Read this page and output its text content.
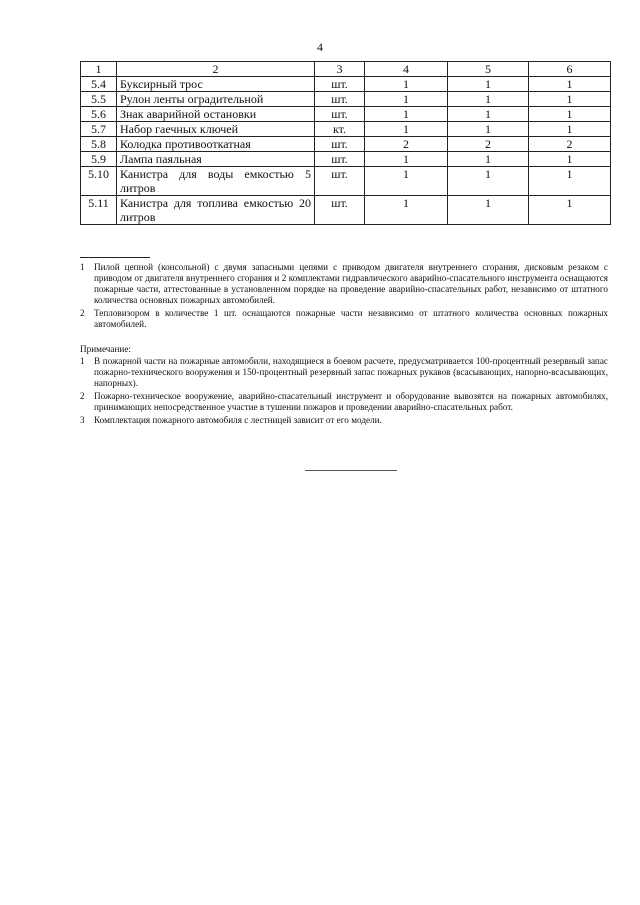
4
1	2	3	4	5	6
5.4	Буксирный трос	шт.	1	1	1
5.5	Рулон ленты оградительной	шт.	1	1	1
5.6	Знак аварийной остановки	шт.	1	1	1
5.7	Набор гаечных ключей	кт.	1	1	1
5.8	Колодка противооткатная	шт.	2	2	2
5.9	Лампа паяльная	шт.	1	1	1
5.10	Канистра для воды емкостью 5 литров	шт.	1	1	1
5.11	Канистра для топлива емкостью 20 литров	шт.	1	1	1
1	Пилой цепной (консольной) с двумя запасными цепями с приводом двигателя внутреннего сгорания, дисковым резаком с приводом от двигателя внутреннего сгорания и 2 комплектами гидравлического аварийно-спасательного инструмента оснащаются пожарные части, аттестованные в установленном порядке на проведение аварийно-спасательных работ, независимо от штатного количества основных пожарных автомобилей.
2	Тепловизором в количестве 1 шт. оснащаются пожарные части независимо от штатного количества основных пожарных автомобилей.
Примечание:
1	В пожарной части на пожарные автомобили, находящиеся в боевом расчете, предусматривается 100-процентный резервный запас пожарно-технического вооружения и 150-процентный резервный запас пожарных рукавов (всасывающих, напорно-всасывающих, напорных).
2	Пожарно-техническое вооружение, аварийно-спасательный инструмент и оборудование вывозятся на пожарных автомобилях, принимающих непосредственное участие в тушении пожаров и проведении аварийно-спасательных работ.
3	Комплектация пожарного автомобиля с лестницей зависит от его модели.
